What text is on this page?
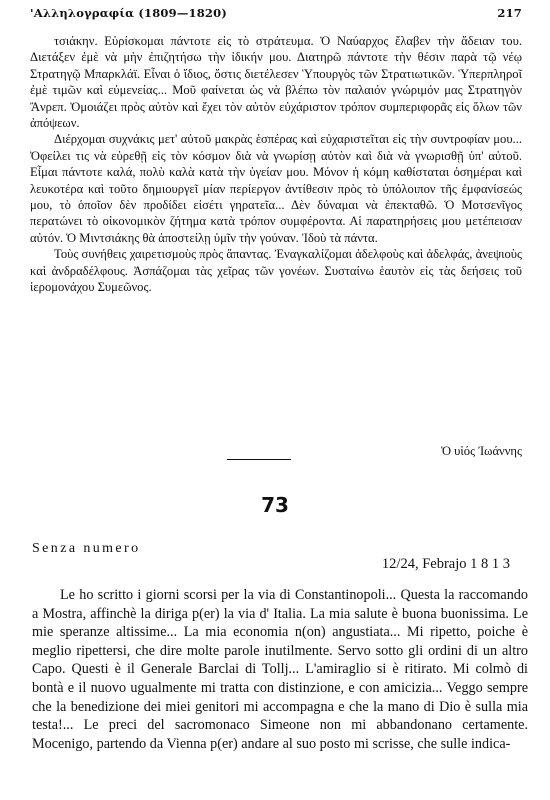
'Αλληλογραφία (1809—1820)	217

τσιάκην. Εὑρίσκομαι πάντοτε εἰς τὸ στράτευμα. Ὁ Ναύαρχος ἔλαβεν τὴν ἄδειαν του. Διετάξεν ἐμὲ νὰ μὴν ἐπιζητήσω τὴν ἰδικήν μου. Διατηρῶ πάντοτε τὴν θέσιν παρὰ τῷ νέῳ Στρατηγῷ Μπαρκλάϊ. Εἶναι ὁ ἴδιος, ὅστις διετέλεσεν Ὑπουργὸς τῶν Στρατιωτικῶν. Ὑπερπληροῖ ἐμὲ τιμῶν καὶ εὐμενείας... Μοῦ φαίνεται ὡς νὰ βλέπω τὸν παλαιόν γνώριμόν μας Στρατηγὸν Ἄνρεπ. Ὁμοιάζει πρὸς αὐτὸν καὶ ἔχει τὸν αὐτὸν εὐχάριστον τρόπον συμπεριφορᾶς εἰς ὅλων τῶν ἀπόψεων.

Διέρχομαι συχνάκις μετ' αὐτοῦ μακρὰς ἑσπέρας καὶ εὐχαριστεῖται εἰς τὴν συντροφίαν μου... Ὀφείλει τις νὰ εὑρεθῇ εἰς τὸν κόσμον διὰ νὰ γνωρίσῃ αὐτὸν καὶ διὰ νὰ γνωρισθῇ ὑπ' αὐτοῦ. Εἶμαι πάντοτε καλά, πολὺ καλὰ κατὰ τὴν ὑγείαν μου. Μόνον ἡ κόμη καθίσταται ὀσημέραι καὶ λευκοτέρα καὶ τοῦτο δημιουργεῖ μίαν περίεργον ἀντίθεσιν πρὸς τὸ ὑπόλοιπον τῆς ἐμφανίσεώς μου, τὸ ὁποῖον δὲν προδίδει εἰσέτι γηρατεῖα... Δὲν δύναμαι νὰ ἐπεκταθῶ. Ὁ Μοτσενῖγος περατώνει τὸ οἰκονομικὸν ζήτημα κατὰ τρόπον συμφέροντα. Αἱ παρατηρήσεις μου μετέπεισαν αὐτόν. Ὁ Μιντσιάκης θὰ ἀποστείλῃ ὑμῖν τὴν γούναν. Ἰδοὺ τὰ πάντα.

Τοὺς συνήθεις χαιρετισμοὺς πρὸς ἅπαντας. Ἐναγκαλίζομαι ἀδελφοὺς καὶ ἀδελφάς, ἀνεψιοὺς καὶ ἀνδραδέλφους. Ἀσπάζομαι τὰς χεῖρας τῶν γονέων. Συσταίνω ἑαυτὸν εἰς τὰς δεήσεις τοῦ ἱερομονάχου Συμεῶνος.

Ὁ υἱός Ἰωάννης
73
Senza numero
12/24, Febrajo 1 8 1 3

Le ho scritto i giorni scorsi per la via di Constantinopoli... Questa la raccomando a Mostra, affinchè la diriga p(er) la via d' Italia. La mia salute è buona buonissima. Le mie speranze altissime... La mia economia n(on) angustiata... Mi ripetto, poiche è meglio ripettersi, che dire molte parole inutilmente. Servo sotto gli ordini di un altro Capo. Questi è il Generale Barclai di Tollj... L'amiraglio si è ritirato. Mi colmò di bontà e il nuovo ugualmente mi tratta con distinzione, e con amicizia... Veggo sempre che la benedizione dei miei genitori mi accompagna e che la mano di Dio è sulla mia testa!... Le preci del sacromonaco Simeone non mi abbandonano certamente. Mocenigo, partendo da Vienna p(er) andare al suo posto mi scrisse, che sulle indica-
